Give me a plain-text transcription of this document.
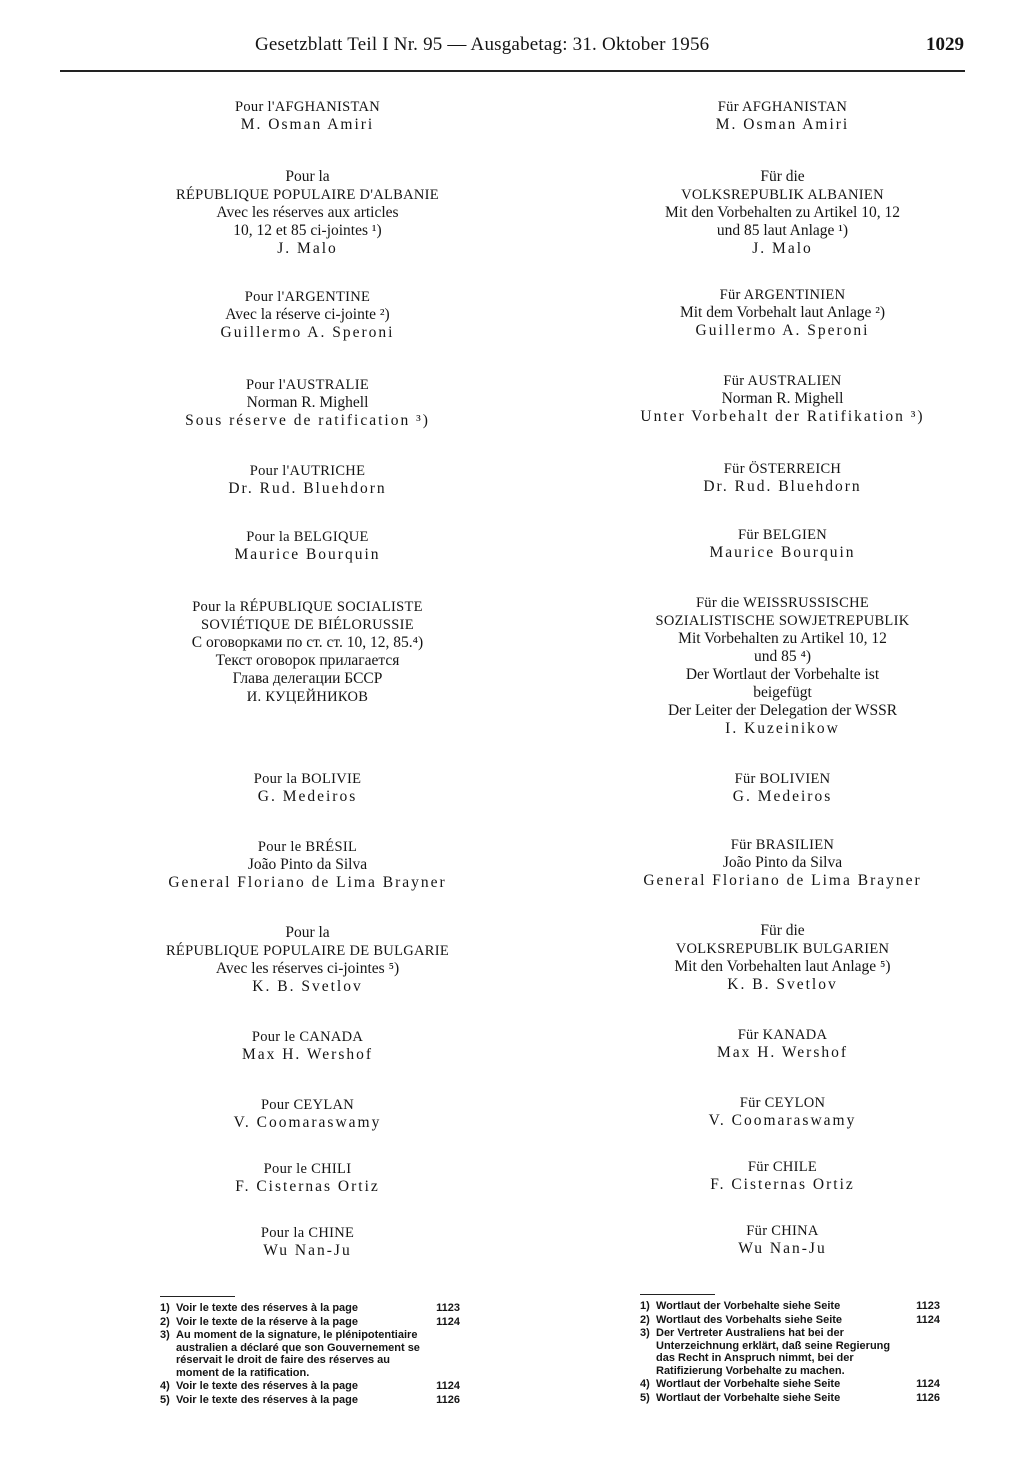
Gesetzblatt Teil I Nr. 95 — Ausgabetag: 31. Oktober 1956	1029
Pour l'AFGHANISTAN
M. Osman Amiri
Pour la
RÉPUBLIQUE POPULAIRE D'ALBANIE
Avec les réserves aux articles
10, 12 et 85 ci-jointes ¹)
J. Malo
Pour l'ARGENTINE
Avec la réserve ci-jointe ²)
Guillermo A. Speroni
Pour l'AUSTRALIE
Norman R. Mighell
Sous réserve de ratification ³)
Pour l'AUTRICHE
Dr. Rud. Bluehdorn
Pour la BELGIQUE
Maurice Bourquin
Pour la RÉPUBLIQUE SOCIALISTE
SOVIÉTIQUE DE BIÉLORUSSIE
С оговорками по ст. ст. 10, 12, 85.⁴)
Текст оговорок прилагается
Глава делегации БССР
И. КУЦЕЙНИКОВ
Pour la BOLIVIE
G. Medeiros
Pour le BRÉSIL
João Pinto da Silva
General Floriano de Lima Brayner
Pour la
RÉPUBLIQUE POPULAIRE DE BULGARIE
Avec les réserves ci-jointes ⁵)
K. B. Svetlov
Pour le CANADA
Max H. Wershof
Pour CEYLAN
V. Coomaraswamy
Pour le CHILI
F. Cisternas Ortiz
Pour la CHINE
Wu Nan-Ju
Für AFGHANISTAN
M. Osman Amiri
Für die
VOLKSREPUBLIK ALBANIEN
Mit den Vorbehalten zu Artikel 10, 12
und 85 laut Anlage ¹)
J. Malo
Für ARGENTINIEN
Mit dem Vorbehalt laut Anlage ²)
Guillermo A. Speroni
Für AUSTRALIEN
Norman R. Mighell
Unter Vorbehalt der Ratifikation ³)
Für ÖSTERREICH
Dr. Rud. Bluehdorn
Für BELGIEN
Maurice Bourquin
Für die WEISSRUSSISCHE
SOZIALISTISCHE SOWJETREPUBLIK
Mit Vorbehalten zu Artikel 10, 12
und 85 ⁴)
Der Wortlaut der Vorbehalte ist
beigefügt
Der Leiter der Delegation der WSSR
I. Kuzeinikow
Für BOLIVIEN
G. Medeiros
Für BRASILIEN
João Pinto da Silva
General Floriano de Lima Brayner
Für die
VOLKSREPUBLIK BULGARIEN
Mit den Vorbehalten laut Anlage ⁵)
K. B. Svetlov
Für KANADA
Max H. Wershof
Für CEYLON
V. Coomaraswamy
Für CHILE
F. Cisternas Ortiz
Für CHINA
Wu Nan-Ju
1) Voir le texte des réserves à la page	1123
2) Voir le texte de la réserve à la page	1124
3) Au moment de la signature, le plénipotentiaire australien a déclaré que son Gouvernement se réservait le droit de faire des réserves au moment de la ratification.
4) Voir le texte des réserves à la page	1124
5) Voir le texte des réserves à la page	1126
1) Wortlaut der Vorbehalte siehe Seite	1123
2) Wortlaut des Vorbehalts siehe Seite	1124
3) Der Vertreter Australiens hat bei der Unterzeichnung erklärt, daß seine Regierung das Recht in Anspruch nimmt, bei der Ratifizierung Vorbehalte zu machen.
4) Wortlaut der Vorbehalte siehe Seite	1124
5) Wortlaut der Vorbehalte siehe Seite	1126
